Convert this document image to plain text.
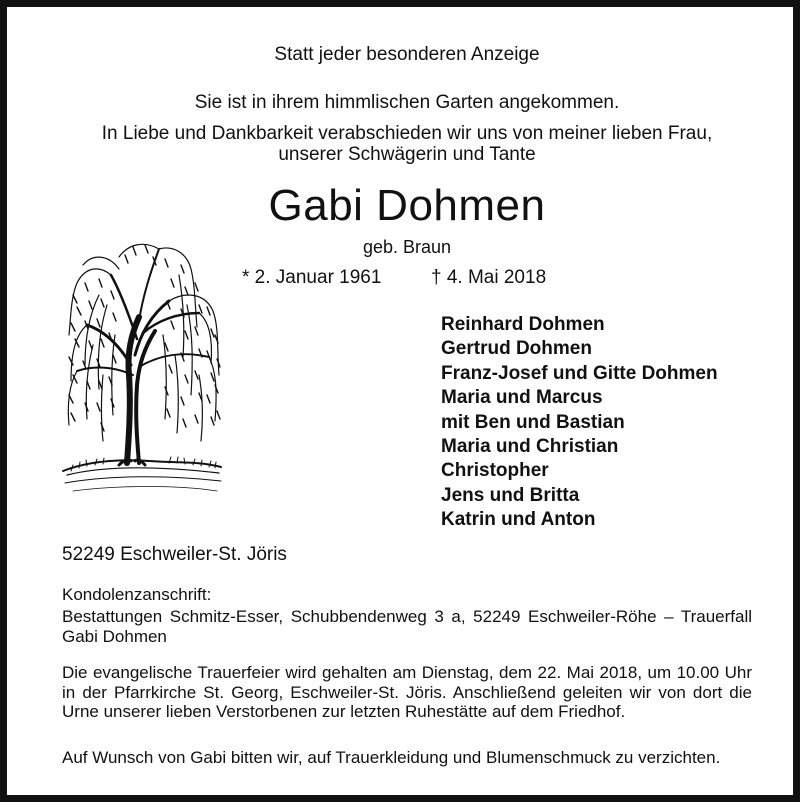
Statt jeder besonderen Anzeige
Sie ist in ihrem himmlischen Garten angekommen.
In Liebe und Dankbarkeit verabschieden wir uns von meiner lieben Frau,
unserer Schwägerin und Tante
Gabi Dohmen
geb. Braun
* 2. Januar 1961	† 4. Mai 2018
Reinhard Dohmen
Gertrud Dohmen
Franz-Josef und Gitte Dohmen
Maria und Marcus
mit Ben und Bastian
Maria und Christian
Christopher
Jens und Britta
Katrin und Anton
52249 Eschweiler-St. Jöris
Kondolenzanschrift:
Bestattungen Schmitz-Esser, Schubbendenweg 3 a, 52249 Eschweiler-Röhe – Trauerfall Gabi Dohmen
Die evangelische Trauerfeier wird gehalten am Dienstag, dem 22. Mai 2018, um 10.00 Uhr in der Pfarrkirche St. Georg, Eschweiler-St. Jöris. Anschließend geleiten wir von dort die Urne unserer lieben Verstorbenen zur letzten Ruhestätte auf dem Friedhof.
Auf Wunsch von Gabi bitten wir, auf Trauerkleidung und Blumenschmuck zu verzichten.
